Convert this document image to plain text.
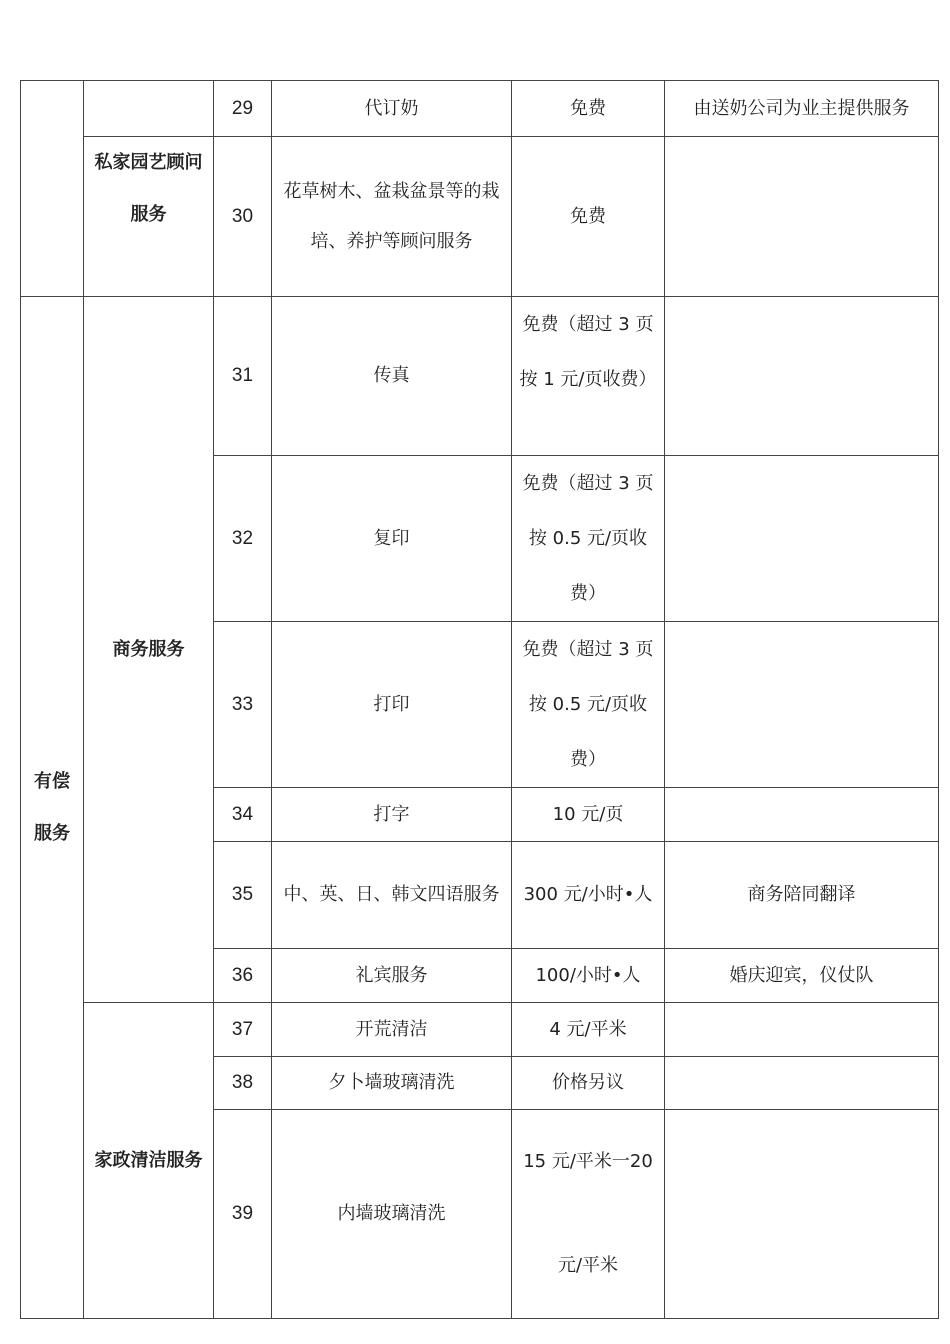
		29	代订奶	免费	由送奶公司为业主提供服务
	私家园艺顾问服务	30	花草树木、盆栽盆景等的栽培、养护等顾问服务	免费	
有偿服务	商务服务	31	传真	免费（超过 3 页按 1 元/页收费）	
		32	复印	免费（超过 3 页按 0.5 元/页收费）	
		33	打印	免费（超过 3 页按 0.5 元/页收费）	
		34	打字	10 元/页	
		35	中、英、日、韩文四语服务	300 元/小时•人	商务陪同翻译
		36	礼宾服务	100/小时•人	婚庆迎宾，仪仗队
	家政清洁服务	37	开荒清洁	4 元/平米	
		38	夕卜墙玻璃清洗	价格另议	
		39	内墙玻璃清洗	15 元/平米一20 元/平米	
